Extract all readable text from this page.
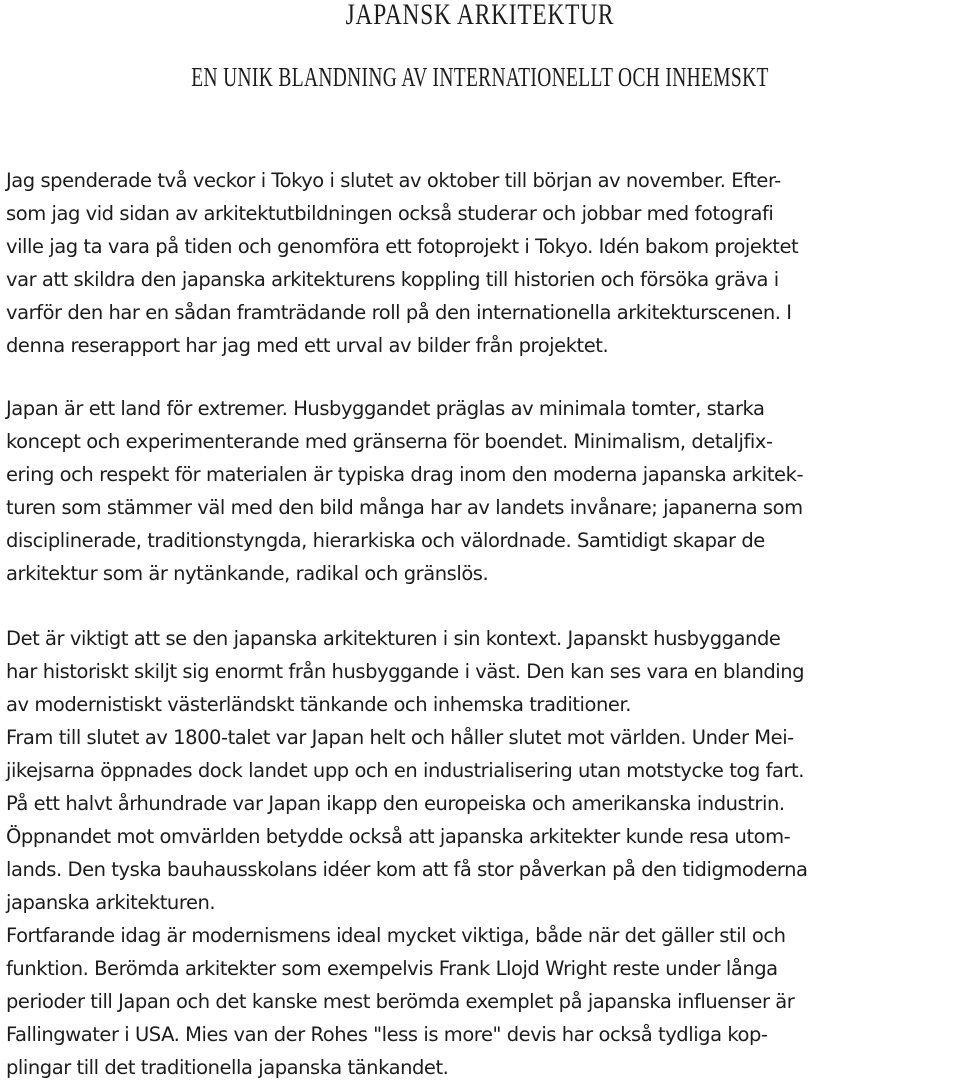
JAPANSK ARKITEKTUR
EN UNIK BLANDNING AV INTERNATIONELLT OCH INHEMSKT

Jag spenderade två veckor i Tokyo i slutet av oktober till början av november. Efter-
som jag vid sidan av arkitektutbildningen också studerar och jobbar med fotografi
ville jag ta vara på tiden och genomföra ett fotoprojekt i Tokyo. Idén bakom projektet
var att skildra den japanska arkitekturens koppling till historien och försöka gräva i
varför den har en sådan framträdande roll på den internationella arkitekturscenen. I
denna reserapport har jag med ett urval av bilder från projektet.

Japan är ett land för extremer. Husbyggandet präglas av minimala tomter, starka
koncept och experimenterande med gränserna för boendet. Minimalism, detaljfix-
ering och respekt för materialen är typiska drag inom den moderna japanska arkitek-
turen som stämmer väl med den bild många har av landets invånare; japanerna som
disciplinerade, traditionstyngda, hierarkiska och välordnade. Samtidigt skapar de
arkitektur som är nytänkande, radikal och gränslös.

Det är viktigt att se den japanska arkitekturen i sin kontext. Japanskt husbyggande
har historiskt skiljt sig enormt från husbyggande i väst. Den kan ses vara en blanding
av modernistiskt västerländskt tänkande och inhemska traditioner.
Fram till slutet av 1800-talet var Japan helt och håller slutet mot världen. Under Mei-
jikejsarna öppnades dock landet upp och en industrialisering utan motstycke tog fart.
På ett halvt århundrade var Japan ikapp den europeiska och amerikanska industrin.
Öppnandet mot omvärlden betydde också att japanska arkitekter kunde resa utom-
lands. Den tyska bauhausskolans idéer kom att få stor påverkan på den tidigmoderna
japanska arkitekturen.
Fortfarande idag är modernismens ideal mycket viktiga, både när det gäller stil och
funktion. Berömda arkitekter som exempelvis Frank Llojd Wright reste under långa
perioder till Japan och det kanske mest berömda exemplet på japanska influenser är
Fallingwater i USA. Mies van der Rohes "less is more" devis har också tydliga kop-
plingar till det traditionella japanska tänkandet.
